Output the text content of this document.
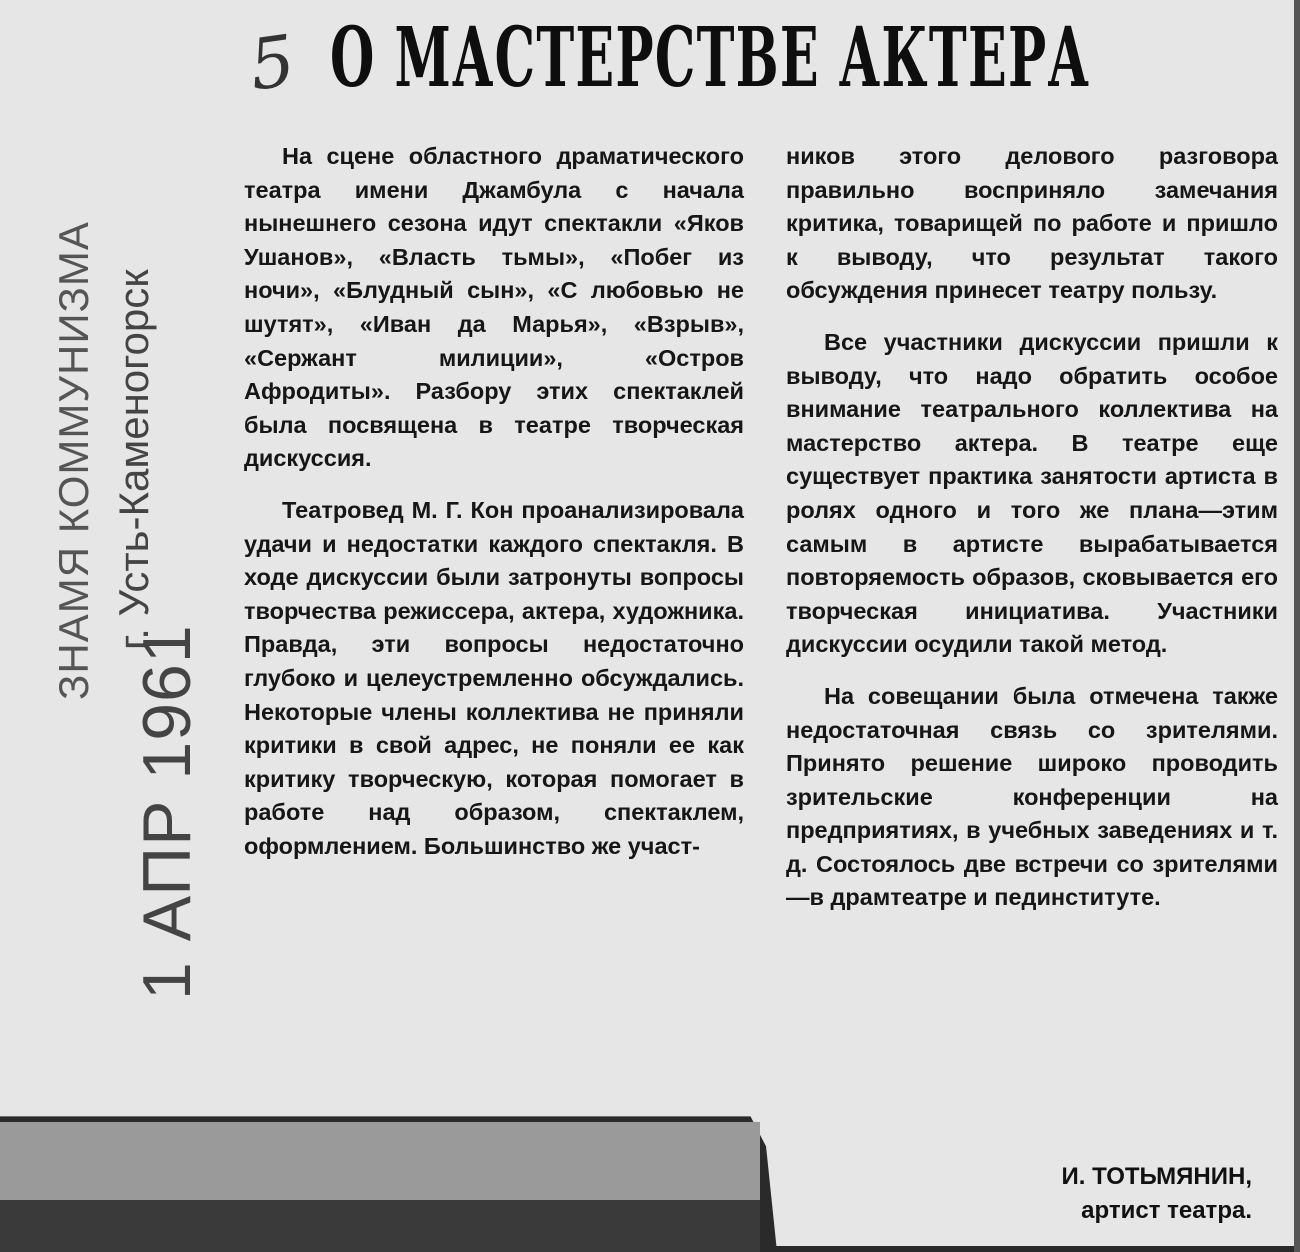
5 О МАСТЕРСТВЕ АКТЕРА
ЗНАМЯ КОММУНИЗМА г. Усть-Каменогорск
1 АПР 1961

На сцене областного драматического театра имени Джамбула с начала нынешнего сезона идут спектакли «Яков Ушанов», «Власть тьмы», «Побег из ночи», «Блудный сын», «С любовью не шутят», «Иван да Марья», «Взрыв», «Сержант милиции», «Остров Афродиты». Разбору этих спектаклей была посвящена в театре творческая дискуссия.

Театровед М. Г. Кон проанализировала удачи и недостатки каждого спектакля. В ходе дискуссии были затронуты вопросы творчества режиссера, актера, художника. Правда, эти вопросы недостаточно глубоко и целеустремленно обсуждались. Некоторые члены коллектива не приняли критики в свой адрес, не поняли ее как критику творческую, которая помогает в работе над образом, спектаклем, оформлением. Большинство же участ-

ников этого делового разговора правильно восприняло замечания критика, товарищей по работе и пришло к выводу, что результат такого обсуждения принесет театру пользу.

Все участники дискуссии пришли к выводу, что надо обратить особое внимание театрального коллектива на мастерство актера. В театре еще существует практика занятости артиста в ролях одного и того же плана—этим самым в артисте вырабатывается повторяемость образов, сковывается его творческая инициатива. Участники дискуссии осудили такой метод.

На совещании была отмечена также недостаточная связь со зрителями. Принято решение широко проводить зрительские конференции на предприятиях, в учебных заведениях и т. д. Состоялось две встречи со зрителями—в драмтеатре и пединституте.

И. ТОТЬМЯНИН,
артист театра.
